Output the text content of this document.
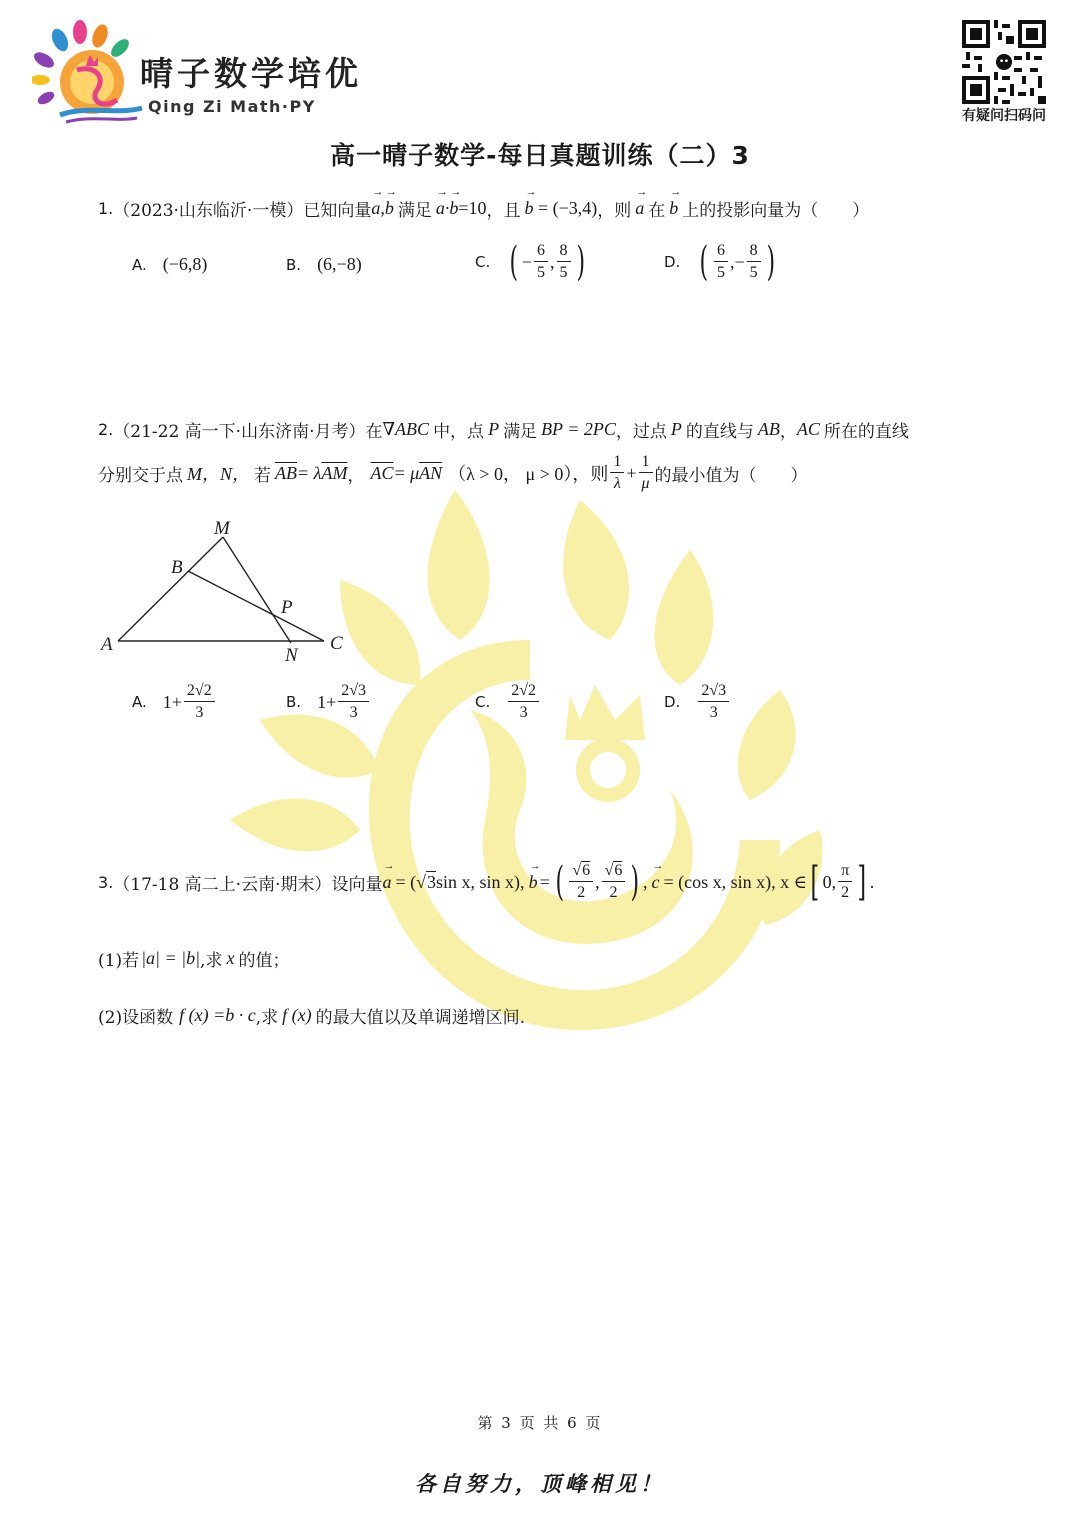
晴子数学培优
Qing Zi Math·PY	有疑问扫码问
高一晴子数学-每日真题训练（二）3
1. （2023·山东临沂·一模） 已知向量 → a,→ b 满足 → a·→ b =10 ，且 → b = (−3,4) ，则 → a 在 → b 上的投影向量为（　　）
A. (−6,8)	B. (6,−8)	C. ( − $\frac{6}{5}$ , $\frac{8}{5}$ )	D. ( $\frac{6}{5}$ , − $\frac{8}{5}$ )
2. （21-22 高一下·山东济南·月考） 在 ∇ABC 中，点 P 满足 BP = 2PC ，过点 P 的直线与 AB ， AC 所在的直线
分别交于点 M，N， 若 $\overline{AB} = \lambda$ $\overline{AM}$ ， $\overline{AC} = \mu$ $\overline{AN}$ （λ > 0， μ > 0），则 $\frac{1}{\lambda} + \frac{1}{\mu}$ 的最小值为（　　）
M
B
P
A
N
C
A. $1+ \frac{2√2}{3}$	B. $1+ \frac{2√3}{3}$	C. $\frac{2√2}{3}$	D. $\frac{2√3}{3}$
3. （17-18 高二上·云南·期末） 设向量 → a = ( √ 3 sin x, sin x), → b = ( $\frac{√6}{2}$ , $\frac{√6}{2}$ ) , → c = (cos x, sin x), x ∈ [ 0, $\frac{\pi}{2}$ ] .
(1)若 |a| = |b| ,求 x 的值；
(2)设函数 f (x) = b · c ,求 f (x) 的最大值以及单调递增区间.
第 3 页 共 6 页
各自努力，顶峰相见！
